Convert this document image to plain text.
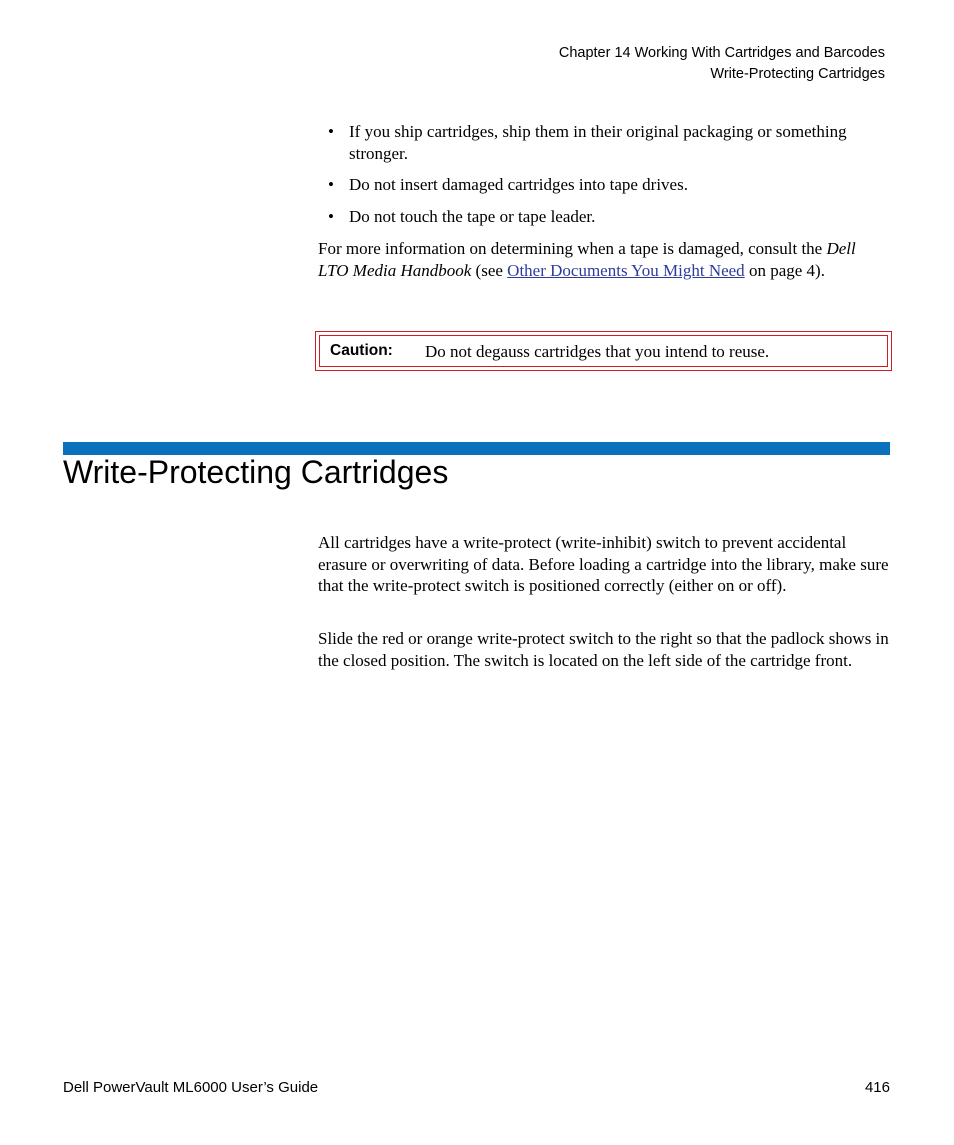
Chapter 14 Working With Cartridges and Barcodes
Write-Protecting Cartridges
• If you ship cartridges, ship them in their original packaging or something stronger.
• Do not insert damaged cartridges into tape drives.
• Do not touch the tape or tape leader.

For more information on determining when a tape is damaged, consult the Dell LTO Media Handbook (see Other Documents You Might Need on page 4).

Caution: Do not degauss cartridges that you intend to reuse.
Write-Protecting Cartridges

All cartridges have a write-protect (write-inhibit) switch to prevent accidental erasure or overwriting of data. Before loading a cartridge into the library, make sure that the write-protect switch is positioned correctly (either on or off).

Slide the red or orange write-protect switch to the right so that the padlock shows in the closed position. The switch is located on the left side of the cartridge front.

Dell PowerVault ML6000 User’s Guide	416
